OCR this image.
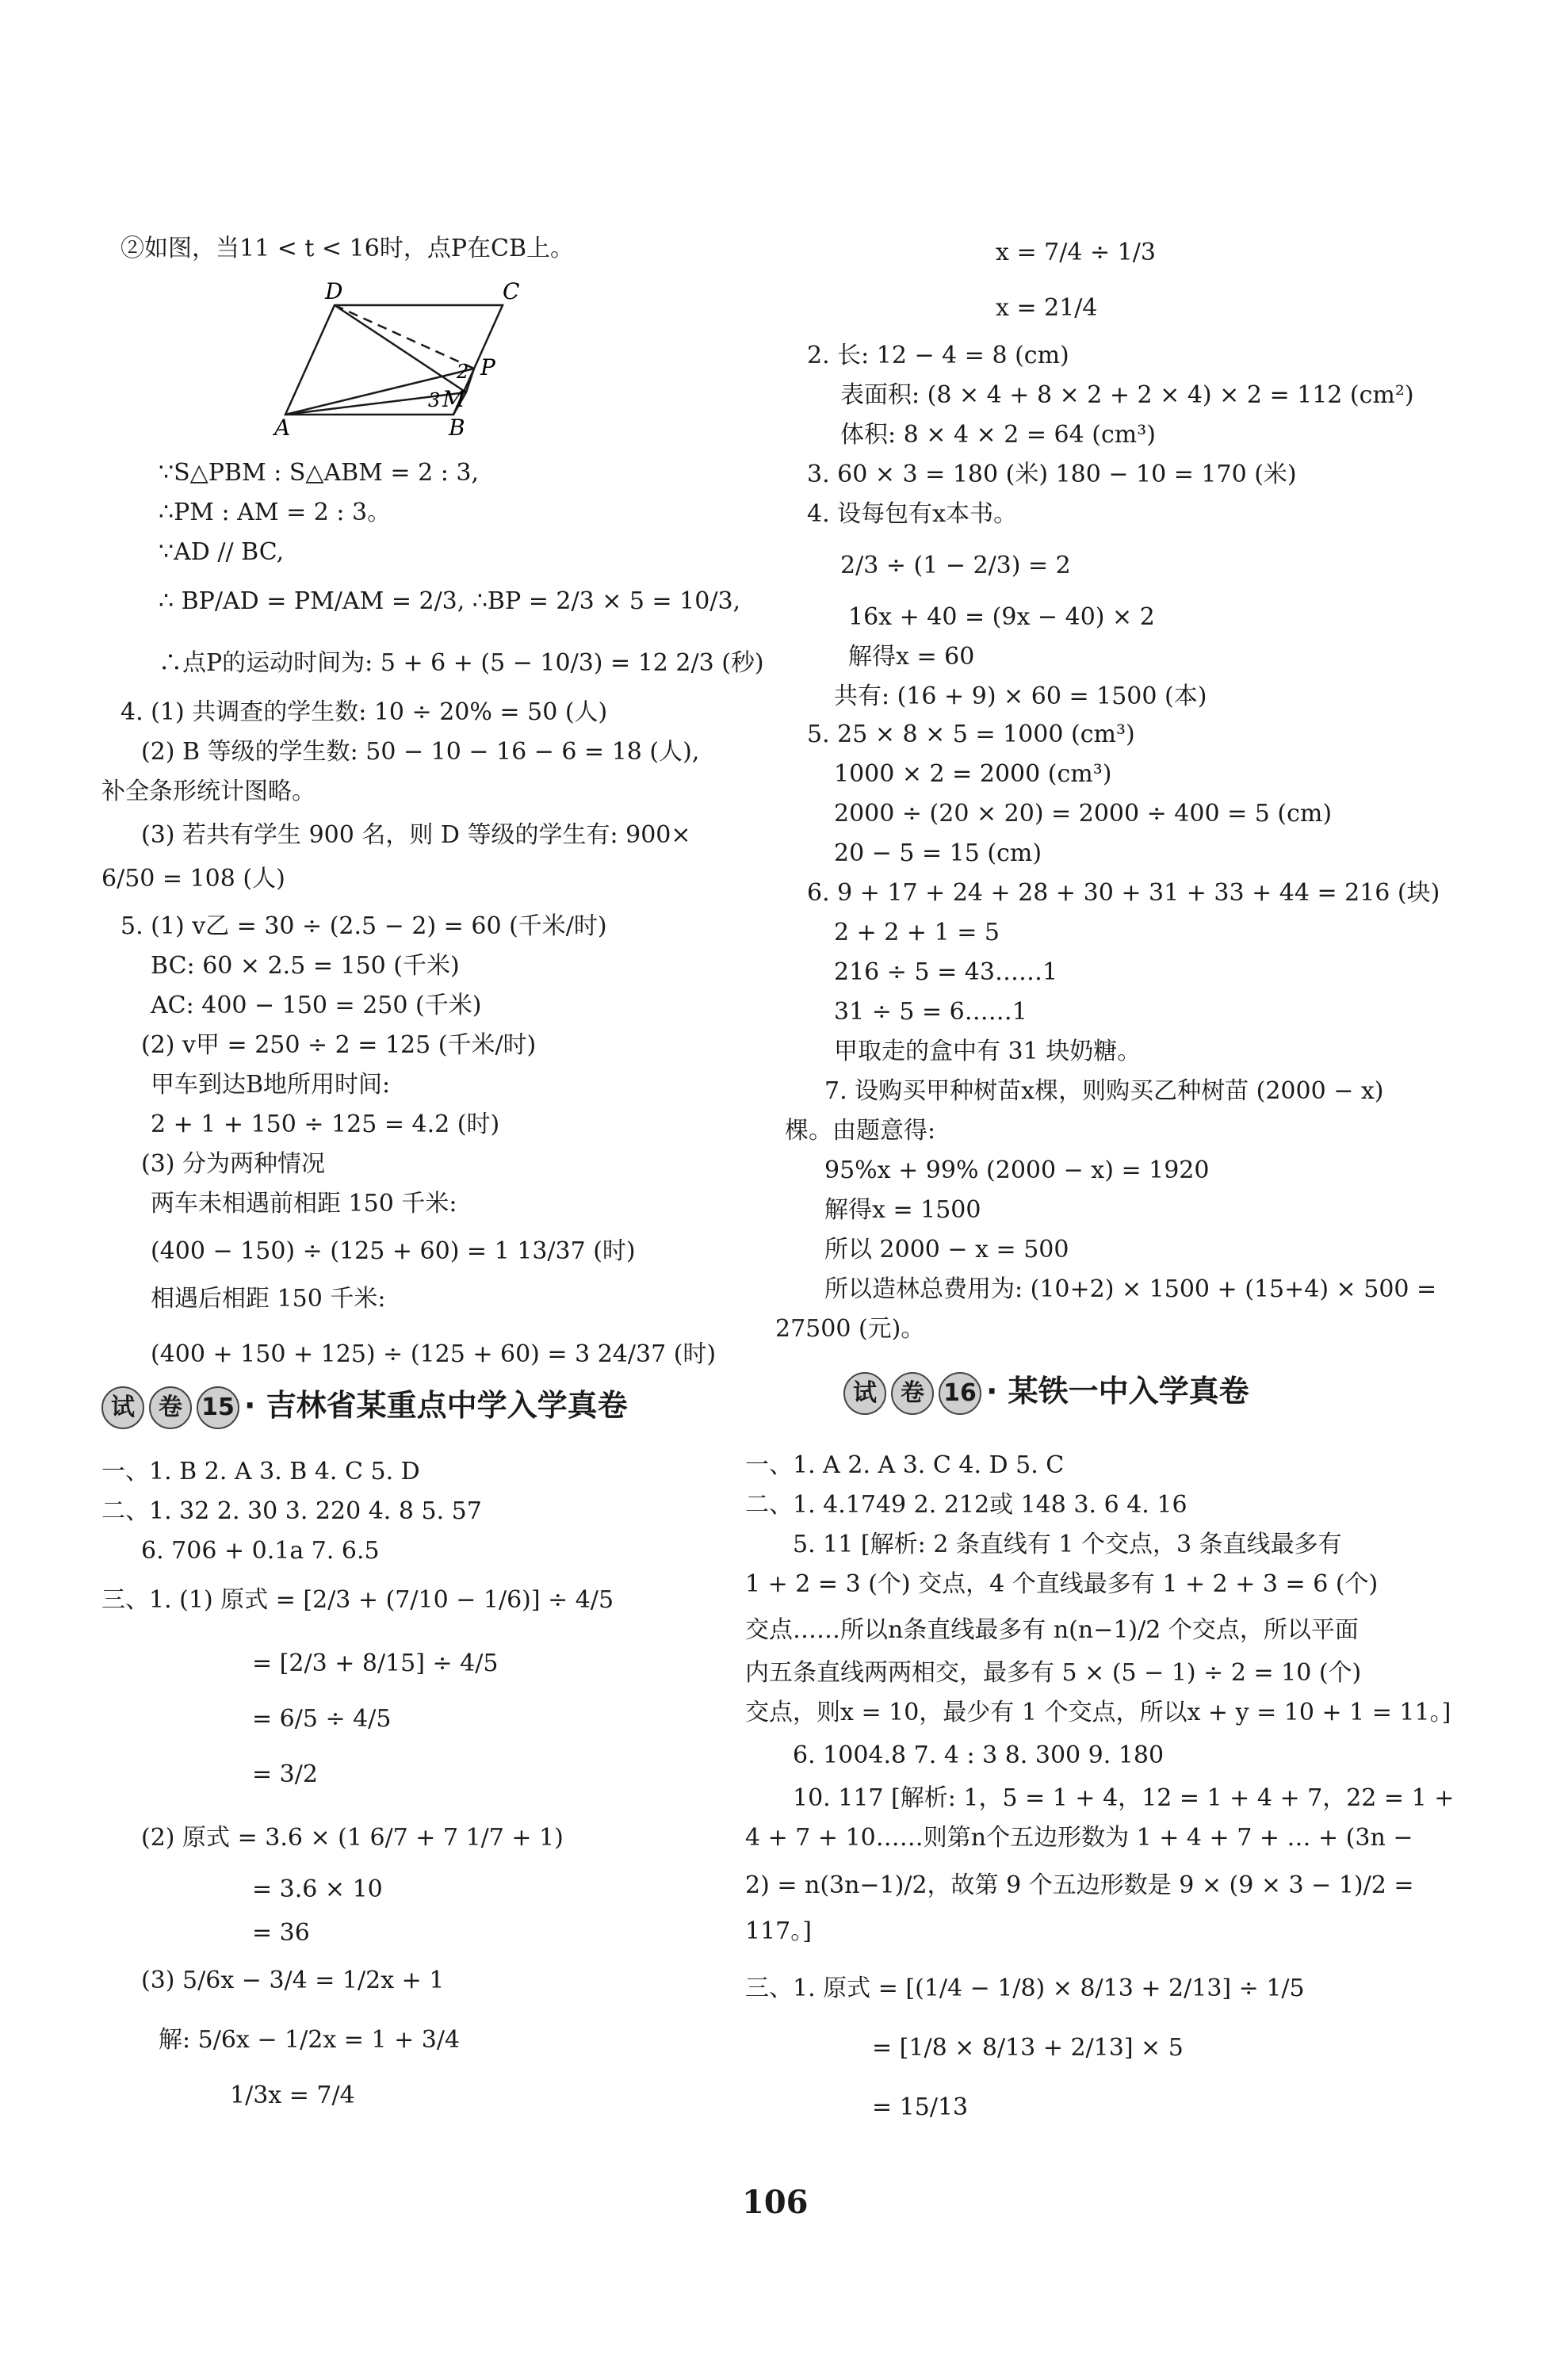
D	C
P
2
3 M
A	B
②如图，当11 < t < 16时，点P在CB上。
∵S△PBM : S△ABM = 2 : 3,
∴PM : AM = 2 : 3。
∵AD // BC,
∴ BP/AD = PM/AM = 2/3, ∴BP = 2/3 × 5 = 10/3,
∴点P的运动时间为: 5 + 6 + (5 − 10/3) = 12 2/3 (秒)
4. (1) 共调查的学生数: 10 ÷ 20% = 50 (人)
(2) B 等级的学生数: 50 − 10 − 16 − 6 = 18 (人),
补全条形统计图略。
(3) 若共有学生 900 名，则 D 等级的学生有: 900×
6/50 = 108 (人)
5. (1) v乙 = 30 ÷ (2.5 − 2) = 60 (千米/时)
BC: 60 × 2.5 = 150 (千米)
AC: 400 − 150 = 250 (千米)
(2) v甲 = 250 ÷ 2 = 125 (千米/时)
甲车到达B地所用时间:
2 + 1 + 150 ÷ 125 = 4.2 (时)
(3) 分为两种情况
两车未相遇前相距 150 千米:
(400 − 150) ÷ (125 + 60) = 1 13/37 (时)
相遇后相距 150 千米:
(400 + 150 + 125) ÷ (125 + 60) = 3 24/37 (时)
试 卷 15 · 吉林省某重点中学入学真卷
一、1. B 2. A 3. B 4. C 5. D
二、1. 32 2. 30 3. 220 4. 8 5. 57
6. 706 + 0.1a 7. 6.5
三、1. (1) 原式 = [2/3 + (7/10 − 1/6)] ÷ 4/5
= [2/3 + 8/15] ÷ 4/5
= 6/5 ÷ 4/5
= 3/2
(2) 原式 = 3.6 × (1 6/7 + 7 1/7 + 1)
= 3.6 × 10
= 36
(3) 5/6x − 3/4 = 1/2x + 1
解: 5/6x − 1/2x = 1 + 3/4
1/3x = 7/4
x = 7/4 ÷ 1/3
x = 21/4
2. 长: 12 − 4 = 8 (cm)
表面积: (8 × 4 + 8 × 2 + 2 × 4) × 2 = 112 (cm²)
体积: 8 × 4 × 2 = 64 (cm³)
3. 60 × 3 = 180 (米) 180 − 10 = 170 (米)
4. 设每包有x本书。
2/3 ÷ (1 − 2/3) = 2
16x + 40 = (9x − 40) × 2
解得x = 60
共有: (16 + 9) × 60 = 1500 (本)
5. 25 × 8 × 5 = 1000 (cm³)
1000 × 2 = 2000 (cm³)
2000 ÷ (20 × 20) = 2000 ÷ 400 = 5 (cm)
20 − 5 = 15 (cm)
6. 9 + 17 + 24 + 28 + 30 + 31 + 33 + 44 = 216 (块)
2 + 2 + 1 = 5
216 ÷ 5 = 43……1
31 ÷ 5 = 6……1
甲取走的盒中有 31 块奶糖。
7. 设购买甲种树苗x棵，则购买乙种树苗 (2000 − x)
棵。由题意得:
95%x + 99% (2000 − x) = 1920
解得x = 1500
所以 2000 − x = 500
所以造林总费用为: (10+2) × 1500 + (15+4) × 500 =
27500 (元)。
试 卷 16 · 某铁一中入学真卷
一、1. A 2. A 3. C 4. D 5. C
二、1. 4.1749 2. 212或 148 3. 6 4. 16
5. 11 [解析: 2 条直线有 1 个交点，3 条直线最多有
1 + 2 = 3 (个) 交点，4 个直线最多有 1 + 2 + 3 = 6 (个)
交点……所以n条直线最多有 n(n−1)/2 个交点，所以平面
内五条直线两两相交，最多有 5 × (5 − 1) ÷ 2 = 10 (个)
交点，则x = 10，最少有 1 个交点，所以x + y = 10 + 1 = 11。]
6. 1004.8 7. 4 : 3 8. 300 9. 180
10. 117 [解析: 1，5 = 1 + 4，12 = 1 + 4 + 7，22 = 1 +
4 + 7 + 10……则第n个五边形数为 1 + 4 + 7 + … + (3n −
2) = n(3n−1)/2，故第 9 个五边形数是 9 × (9 × 3 − 1)/2 =
117。]
三、1. 原式 = [(1/4 − 1/8) × 8/13 + 2/13] ÷ 1/5
= [1/8 × 8/13 + 2/13] × 5
= 15/13
106
